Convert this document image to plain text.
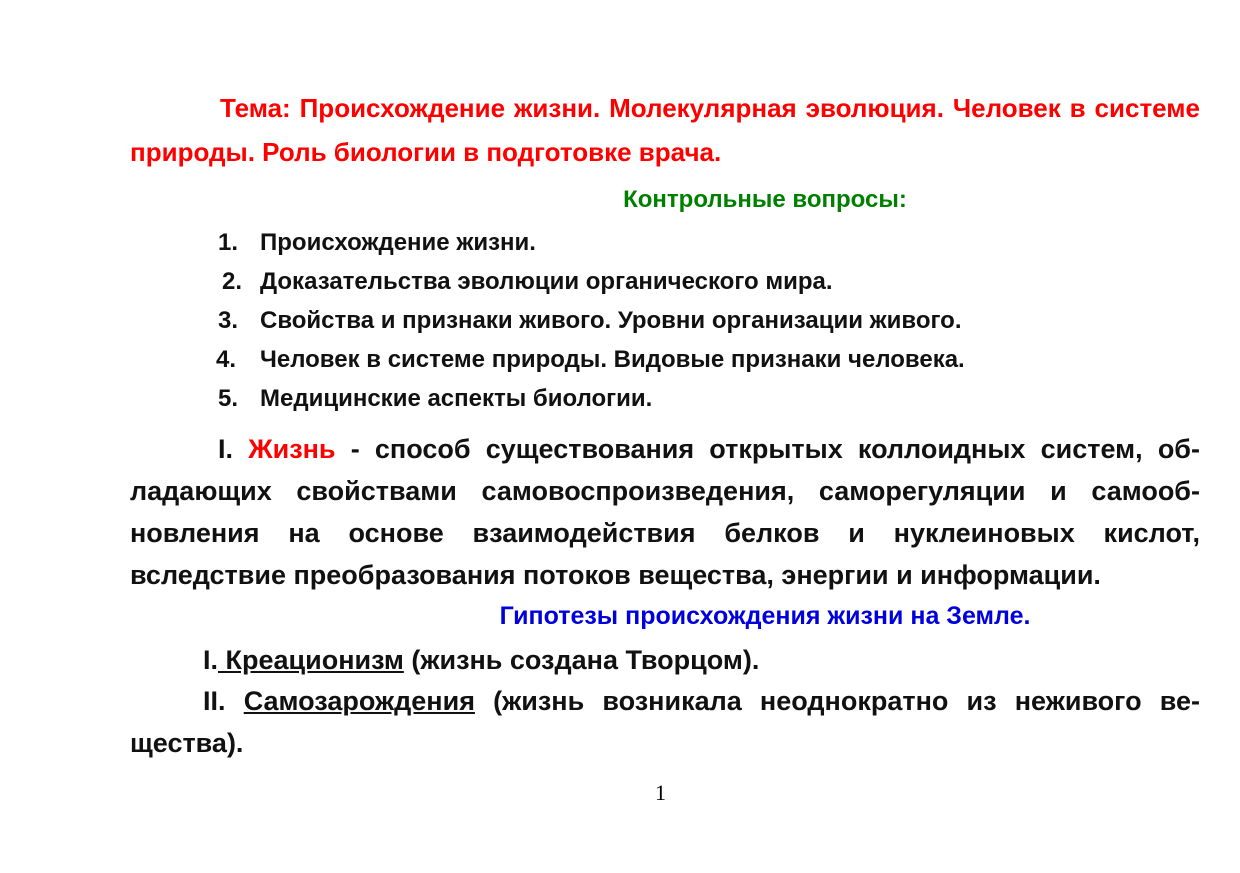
Тема: Происхождение жизни. Молекулярная эволюция. Человек в системе природы. Роль биологии в подготовке врача.
Контрольные вопросы:
1. Происхождение жизни.
2. Доказательства эволюции органического мира.
3. Свойства и признаки живого. Уровни организации живого.
4. Человек в системе природы. Видовые признаки человека.
5. Медицинские аспекты биологии.
I. Жизнь - способ существования открытых коллоидных систем, обладающих свойствами самовоспроизведения, саморегуляции и самообновления на основе взаимодействия белков и нуклеиновых кислот, вследствие преобразования потоков вещества, энергии и информации.
Гипотезы происхождения жизни на Земле.
I. Креационизм (жизнь создана Творцом).
II. Самозарождения (жизнь возникала неоднократно из неживого вещества).
1
